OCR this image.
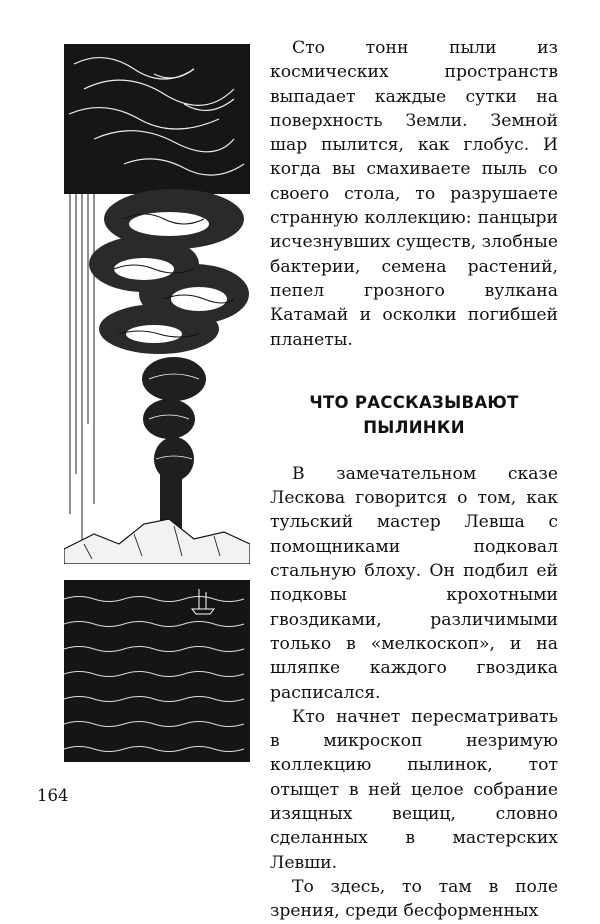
Сто тонн пыли из космических пространств выпадает каждые сутки на поверхность Земли. Земной шар пылится, как глобус. И когда вы смахиваете пыль со своего стола, то разрушаете странную коллекцию: панцыри исчезнувших существ, злобные бактерии, семена растений, пепел грозного вулкана Катамай и осколки погибшей планеты.

ЧТО РАССКАЗЫВАЮТ
ПЫЛИНКИ

В замечательном сказе Лескова говорится о том, как тульский мастер Левша с помощниками подковал стальную блоху. Он подбил ей подковы крохотными гвоздиками, различимыми только в «мелкоскоп», и на шляпке каждого гвоздика расписался.

Кто начнет пересматривать в микроскоп незримую коллекцию пылинок, тот отыщет в ней целое собрание изящных вещиц, словно сделанных в мастерских Левши.

То здесь, то там в поле зрения, среди бесформенных

164
